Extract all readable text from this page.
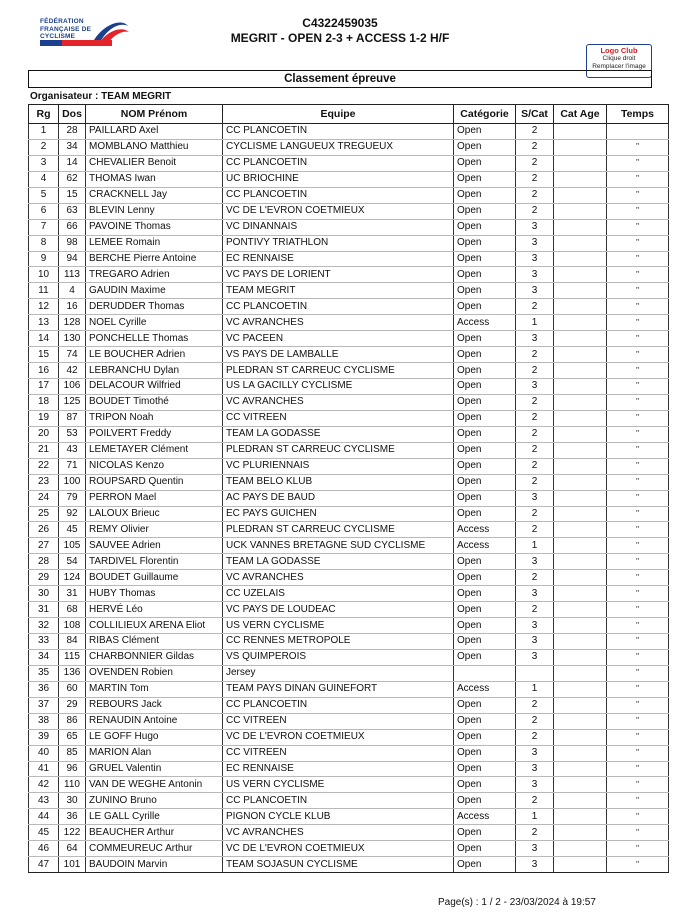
FÉDÉRATION FRANÇAISE DE CYCLISME
C4322459035
MEGRIT - OPEN 2-3 + ACCESS 1-2 H/F
Logo Club
Clique droit
Remplacer l'image
Classement épreuve
Organisateur : TEAM MEGRIT
Rg	Dos	NOM Prénom	Equipe	Catégorie	S/Cat	Cat Age	Temps
1	28	PAILLARD Axel	CC PLANCOETIN	Open	2		
2	34	MOMBLANO Matthieu	CYCLISME LANGUEUX TREGUEUX	Open	2		"
3	14	CHEVALIER Benoit	CC PLANCOETIN	Open	2		"
4	62	THOMAS Iwan	UC BRIOCHINE	Open	2		"
5	15	CRACKNELL Jay	CC PLANCOETIN	Open	2		"
6	63	BLEVIN Lenny	VC DE L'EVRON COETMIEUX	Open	2		"
7	66	PAVOINE Thomas	VC DINANNAIS	Open	3		"
8	98	LEMEE Romain	PONTIVY TRIATHLON	Open	3		"
9	94	BERCHE Pierre Antoine	EC RENNAISE	Open	3		"
10	113	TREGARO Adrien	VC PAYS DE LORIENT	Open	3		"
11	4	GAUDIN Maxime	TEAM MEGRIT	Open	3		"
12	16	DERUDDER Thomas	CC PLANCOETIN	Open	2		"
13	128	NOEL Cyrille	VC AVRANCHES	Access	1		"
14	130	PONCHELLE Thomas	VC PACEEN	Open	3		"
15	74	LE BOUCHER Adrien	VS PAYS DE LAMBALLE	Open	2		"
16	42	LEBRANCHU Dylan	PLEDRAN ST CARREUC CYCLISME	Open	2		"
17	106	DELACOUR Wilfried	US LA GACILLY CYCLISME	Open	3		"
18	125	BOUDET Timothé	VC AVRANCHES	Open	2		"
19	87	TRIPON Noah	CC VITREEN	Open	2		"
20	53	POILVERT Freddy	TEAM LA GODASSE	Open	2		"
21	43	LEMETAYER Clément	PLEDRAN ST CARREUC CYCLISME	Open	2		"
22	71	NICOLAS Kenzo	VC PLURIENNAIS	Open	2		"
23	100	ROUPSARD Quentin	TEAM BELO KLUB	Open	2		"
24	79	PERRON Mael	AC PAYS DE BAUD	Open	3		"
25	92	LALOUX Brieuc	EC PAYS GUICHEN	Open	2		"
26	45	REMY Olivier	PLEDRAN ST CARREUC CYCLISME	Access	2		"
27	105	SAUVEE Adrien	UCK VANNES BRETAGNE SUD CYCLISME	Access	1		"
28	54	TARDIVEL Florentin	TEAM LA GODASSE	Open	3		"
29	124	BOUDET Guillaume	VC AVRANCHES	Open	2		"
30	31	HUBY Thomas	CC UZELAIS	Open	3		"
31	68	HERVÉ Léo	VC PAYS DE LOUDEAC	Open	2		"
32	108	COLLILIEUX ARENA Eliot	US VERN CYCLISME	Open	3		"
33	84	RIBAS Clément	CC RENNES METROPOLE	Open	3		"
34	115	CHARBONNIER Gildas	VS QUIMPEROIS	Open	3		"
35	136	OVENDEN Robien	Jersey				"
36	60	MARTIN Tom	TEAM PAYS DINAN GUINEFORT	Access	1		"
37	29	REBOURS Jack	CC PLANCOETIN	Open	2		"
38	86	RENAUDIN Antoine	CC VITREEN	Open	2		"
39	65	LE GOFF Hugo	VC DE L'EVRON COETMIEUX	Open	2		"
40	85	MARION Alan	CC VITREEN	Open	3		"
41	96	GRUEL Valentin	EC RENNAISE	Open	3		"
42	110	VAN DE WEGHE Antonin	US VERN CYCLISME	Open	3		"
43	30	ZUNINO Bruno	CC PLANCOETIN	Open	2		"
44	36	LE GALL Cyrille	PIGNON CYCLE KLUB	Access	1		"
45	122	BEAUCHER Arthur	VC AVRANCHES	Open	2		"
46	64	COMMEUREUC Arthur	VC DE L'EVRON COETMIEUX	Open	3		"
47	101	BAUDOIN Marvin	TEAM SOJASUN CYCLISME	Open	3		"
Page(s) : 1 / 2 - 23/03/2024 à 19:57
